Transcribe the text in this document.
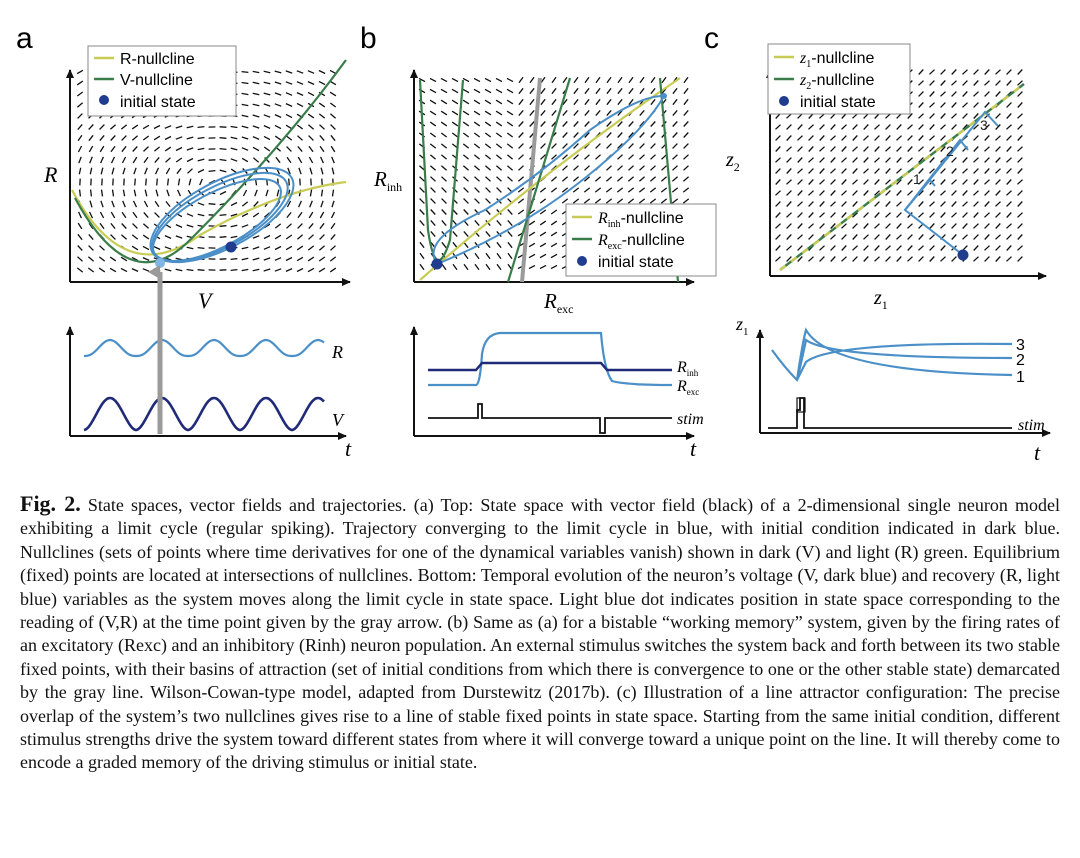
a
R-nullcline
V-nullcline
initial state
R
V
R
V
t
b
$R_{inh}$-nullcline
$R_{exc}$-nullcline
initial state
$R_{inh}$
$R_{exc}$
$R_{inh}$
$R_{exc}$
stim
t
c
1
2
3
$z_1$-nullcline
$z_2$-nullcline
initial state
$z_2$
$z_1$
$z_1$
3
2
1
stim
t
Fig. 2. State spaces, vector fields and trajectories. (a) Top: State space with vector field (black) of a 2-dimensional single neuron model exhibiting a limit cycle (regular spiking). Trajectory converging to the limit cycle in blue, with initial condition indicated in dark blue. Nullclines (sets of points where time derivatives for one of the dynamical variables vanish) shown in dark (V) and light (R) green. Equilibrium (fixed) points are located at intersections of nullclines. Bottom: Temporal evolution of the neuron’s voltage (V, dark blue) and recovery (R, light blue) variables as the system moves along the limit cycle in state space. Light blue dot indicates position in state space corresponding to the reading of (V,R) at the time point given by the gray arrow. (b) Same as (a) for a bistable “working memory” system, given by the firing rates of an excitatory (Rexc) and an inhibitory (Rinh) neuron population. An external stimulus switches the system back and forth between its two stable fixed points, with their basins of attraction (set of initial conditions from which there is convergence to one or the other stable state) demarcated by the gray line. Wilson-Cowan-type model, adapted from Durstewitz (2017b). (c) Illustration of a line attractor configuration: The precise overlap of the system’s two nullclines gives rise to a line of stable fixed points in state space. Starting from the same initial condition, different stimulus strengths drive the system toward different states from where it will converge toward a unique point on the line. It will thereby come to encode a graded memory of the driving stimulus or initial state.
